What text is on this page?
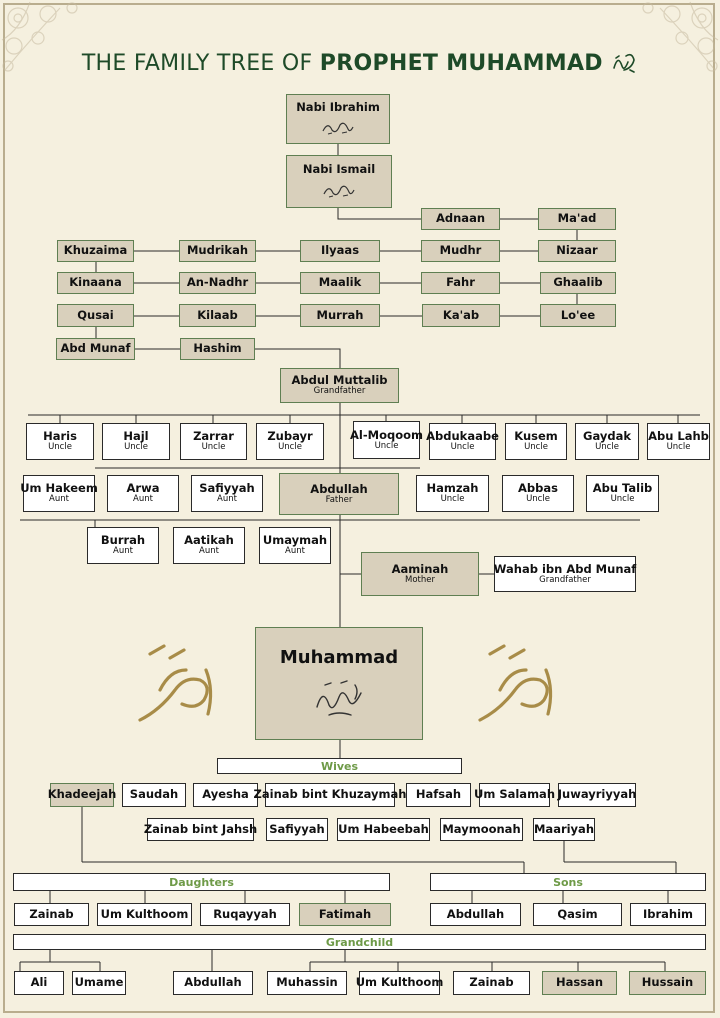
THE FAMILY TREE OF PROPHET MUHAMMAD
Nabi Ibrahim
Nabi Ismail
Adnaan	Ma'ad
Khuzaima	Mudrikah	Ilyaas	Mudhr	Nizaar
Kinaana	An-Nadhr	Maalik	Fahr	Ghaalib
Qusai	Kilaab	Murrah	Ka'ab	Lo'ee
Abd Munaf	Hashim
Abdul Muttalib
Grandfather
Haris
Uncle
Hajl
Uncle
Zarrar
Uncle
Zubayr
Uncle
Al-Moqoom
Uncle
Abdukaabe
Uncle
Kusem
Uncle
Gaydak
Uncle
Abu Lahb
Uncle
Um Hakeem
Aunt
Arwa
Aunt
Safiyyah
Aunt
Abdullah
Father
Hamzah
Uncle
Abbas
Uncle
Abu Talib
Uncle
Burrah
Aunt
Aatikah
Aunt
Umaymah
Aunt
Aaminah
Mother
Wahab ibn Abd Munaf
Grandfather
Muhammad
Wives
Khadeejah Saudah Ayesha Zainab bint Khuzaymah Hafsah Um Salamah Juwayriyyah
Zainab bint Jahsh Safiyyah Um Habeebah Maymoonah Maariyah
Daughters	Sons
Zainab Um Kulthoom Ruqayyah	Fatimah	Abdullah	Qasim	Ibrahim
Grandchild
Ali Umame	Abdullah	Muhassin Um Kulthoom Zainab	Hassan	Hussain
